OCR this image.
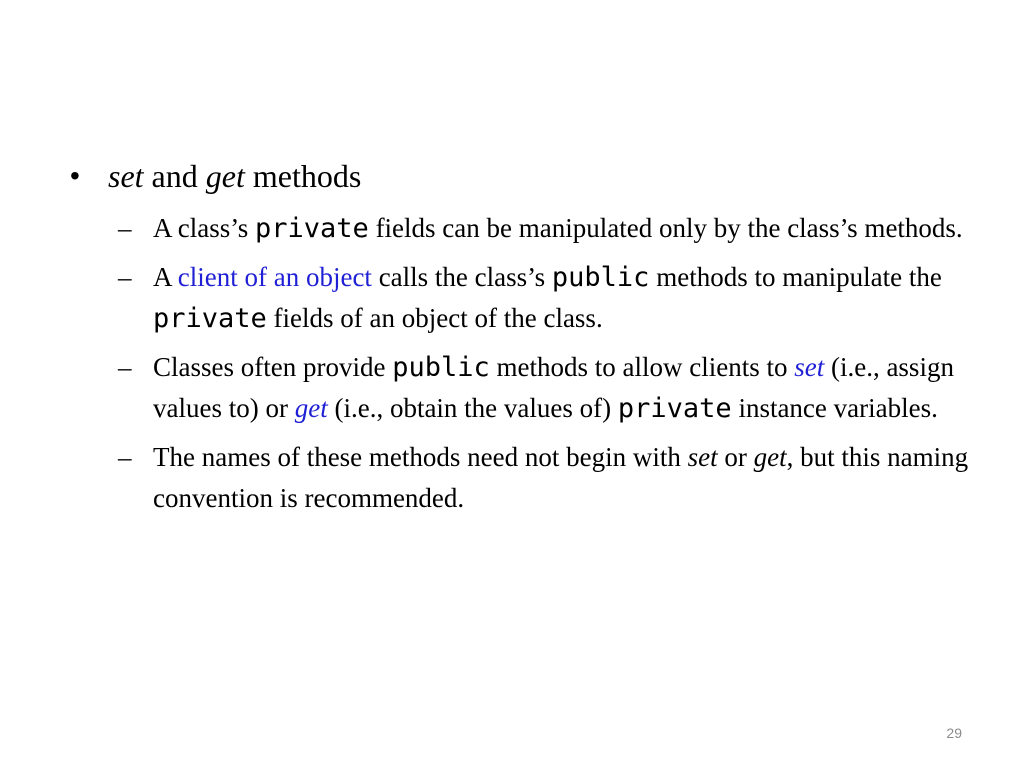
• set and get methods
– A class’s private fields can be manipulated only by the class’s methods.
– A client of an object calls the class’s public methods to manipulate the private fields of an object of the class.
– Classes often provide public methods to allow clients to set (i.e., assign values to) or get (i.e., obtain the values of) private instance variables.
– The names of these methods need not begin with set or get, but this naming convention is recommended.
29
